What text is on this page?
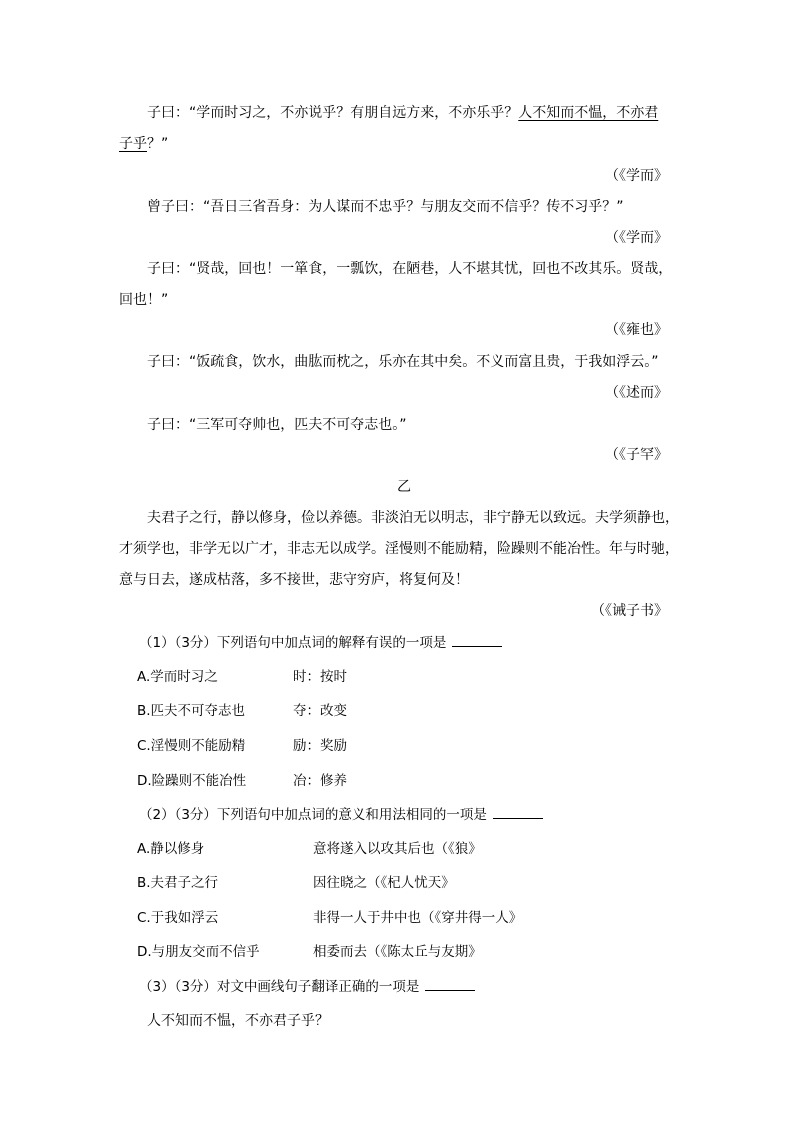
子曰：“学而时习之，不亦说乎？有朋自远方来，不亦乐乎？人不知而不愠，不亦君
子乎？”
（《学而》
曾子曰：“吾日三省吾身：为人谋而不忠乎？与朋友交而不信乎？传不习乎？”
（《学而》
子曰：“贤哉，回也！一箪食，一瓢饮，在陋巷，人不堪其忧，回也不改其乐。贤哉，
回也！”
（《雍也》
子曰：“饭疏食，饮水，曲肱而枕之，乐亦在其中矣。不义而富且贵，于我如浮云。”
（《述而》
子曰：“三军可夺帅也，匹夫不可夺志也。”
（《子罕》
乙
夫君子之行，静以修身，俭以养德。非淡泊无以明志，非宁静无以致远。夫学须静也，
才须学也，非学无以广才，非志无以成学。淫慢则不能励精，险躁则不能冶性。年与时驰，
意与日去，遂成枯落，多不接世，悲守穷庐，将复何及！
（《诫子书》
（1）（3分）下列语句中加点词的解释有误的一项是
A.学而时习之	时：按时
B.匹夫不可夺志也	夺：改变
C.淫慢则不能励精	励：奖励
D.险躁则不能冶性	冶：修养
（2）（3分）下列语句中加点词的意义和用法相同的一项是
A.静以修身	意将遂入以攻其后也（《狼》
B.夫君子之行	因往晓之（《杞人忧天》
C.于我如浮云	非得一人于井中也（《穿井得一人》
D.与朋友交而不信乎	相委而去（《陈太丘与友期》
（3）（3分）对文中画线句子翻译正确的一项是
人不知而不愠，不亦君子乎？
